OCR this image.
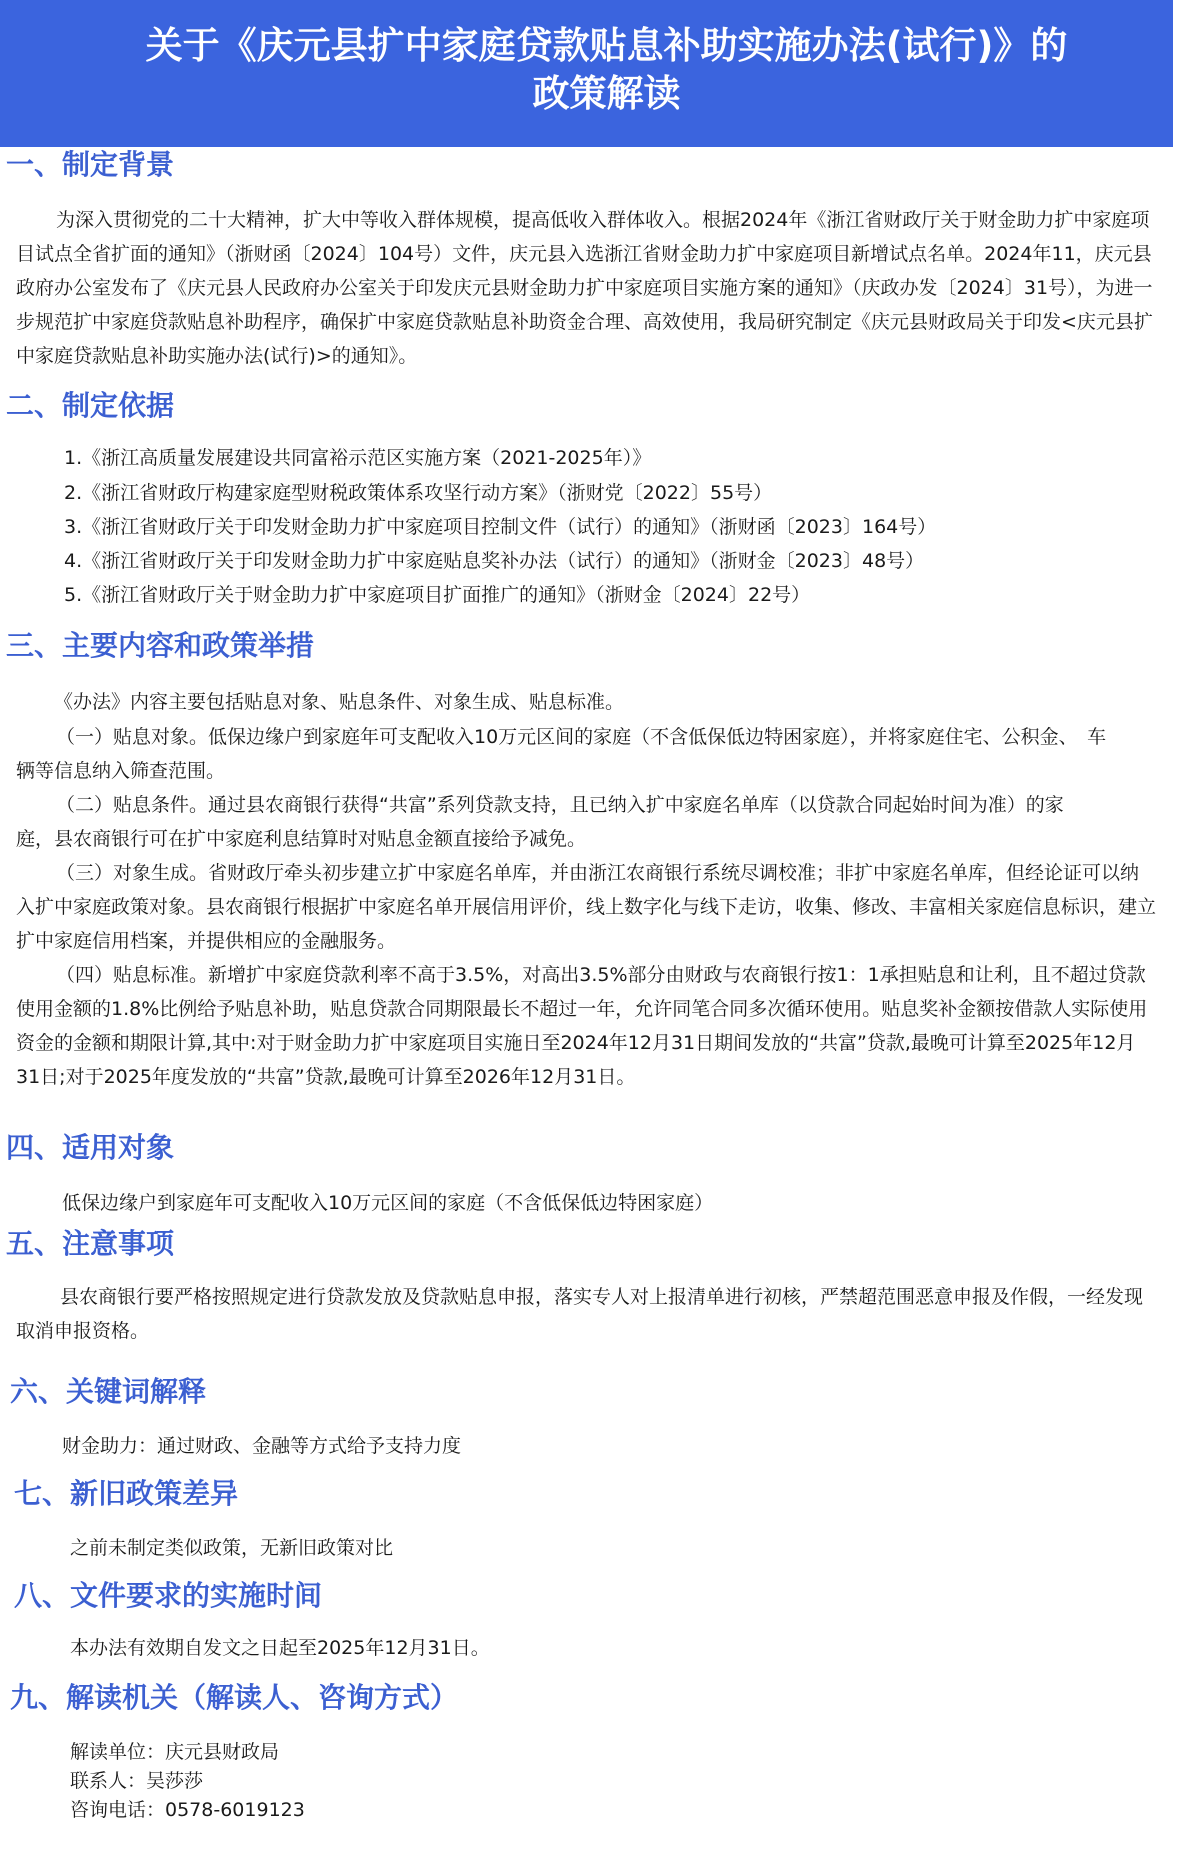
关于《庆元县扩中家庭贷款贴息补助实施办法(试行)》的
政策解读
一、制定背景
为深入贯彻党的二十大精神，扩大中等收入群体规模，提高低收入群体收入。根据2024年《浙江省财政厅关于财金助力扩中家庭项目试点全省扩面的通知》（浙财函〔2024〕104号）文件，庆元县入选浙江省财金助力扩中家庭项目新增试点名单。2024年11，庆元县政府办公室发布了《庆元县人民政府办公室关于印发庆元县财金助力扩中家庭项目实施方案的通知》（庆政办发〔2024〕31号），为进一步规范扩中家庭贷款贴息补助程序，确保扩中家庭贷款贴息补助资金合理、高效使用，我局研究制定《庆元县财政局关于印发<庆元县扩中家庭贷款贴息补助实施办法(试行)>的通知》。
二、制定依据
1.《浙江高质量发展建设共同富裕示范区实施方案（2021-2025年）》
2.《浙江省财政厅构建家庭型财税政策体系攻坚行动方案》（浙财党〔2022〕55号）
3.《浙江省财政厅关于印发财金助力扩中家庭项目控制文件（试行）的通知》（浙财函〔2023〕164号）
4.《浙江省财政厅关于印发财金助力扩中家庭贴息奖补办法（试行）的通知》（浙财金〔2023〕48号）
5.《浙江省财政厅关于财金助力扩中家庭项目扩面推广的通知》（浙财金〔2024〕22号）
三、主要内容和政策举措
《办法》内容主要包括贴息对象、贴息条件、对象生成、贴息标准。
（一）贴息对象。低保边缘户到家庭年可支配收入10万元区间的家庭（不含低保低边特困家庭），并将家庭住宅、公积金、　车辆等信息纳入筛查范围。
（二）贴息条件。通过县农商银行获得“共富”系列贷款支持，且已纳入扩中家庭名单库（以贷款合同起始时间为准）的家　庭，县农商银行可在扩中家庭利息结算时对贴息金额直接给予减免。
（三）对象生成。省财政厅牵头初步建立扩中家庭名单库，并由浙江农商银行系统尽调校准；非扩中家庭名单库，但经论证可以纳入扩中家庭政策对象。县农商银行根据扩中家庭名单开展信用评价，线上数字化与线下走访，收集、修改、丰富相关家庭信息标识，建立扩中家庭信用档案，并提供相应的金融服务。
（四）贴息标准。新增扩中家庭贷款利率不高于3.5%，对高出3.5%部分由财政与农商银行按1：1承担贴息和让利，且不超过贷款使用金额的1.8%比例给予贴息补助，贴息贷款合同期限最长不超过一年，允许同笔合同多次循环使用。贴息奖补金额按借款人实际使用资金的金额和期限计算,其中:对于财金助力扩中家庭项目实施日至2024年12月31日期间发放的“共富”贷款,最晚可计算至2025年12月31日;对于2025年度发放的“共富”贷款,最晚可计算至2026年12月31日。
四、适用对象
低保边缘户到家庭年可支配收入10万元区间的家庭（不含低保低边特困家庭）
五、注意事项
县农商银行要严格按照规定进行贷款发放及贷款贴息申报，落实专人对上报清单进行初核，严禁超范围恶意申报及作假，一经发现取消申报资格。
六、关键词解释
财金助力：通过财政、金融等方式给予支持力度
七、新旧政策差异
之前未制定类似政策，无新旧政策对比
八、文件要求的实施时间
本办法有效期自发文之日起至2025年12月31日。
九、解读机关（解读人、咨询方式）
解读单位：庆元县财政局
联系人：吴莎莎
咨询电话：0578-6019123
